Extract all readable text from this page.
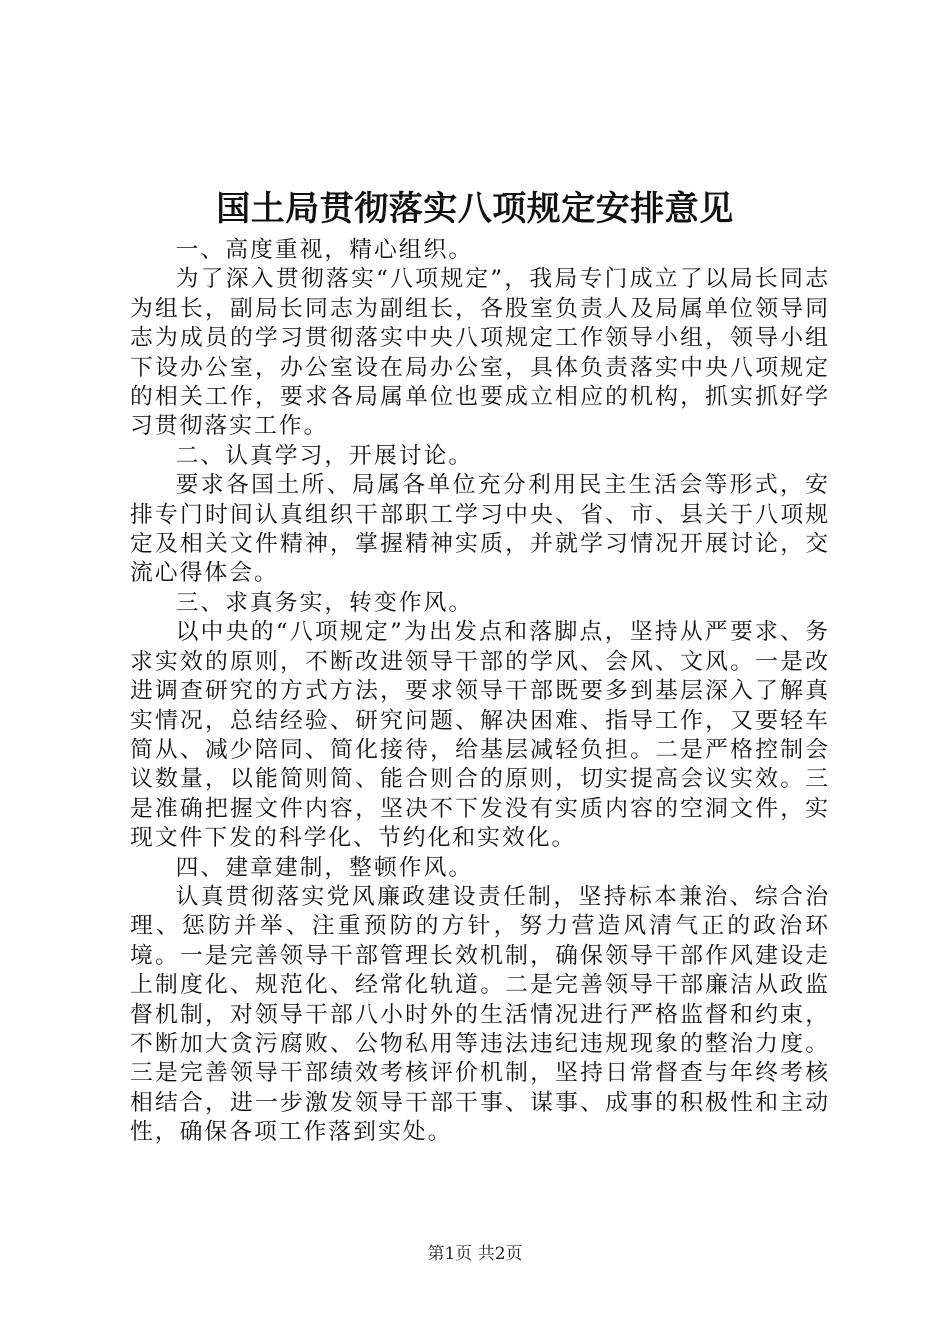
国土局贯彻落实八项规定安排意见

一、高度重视，精心组织。

为了深入贯彻落实“八项规定”，我局专门成立了以局长同志为组长，副局长同志为副组长，各股室负责人及局属单位领导同志为成员的学习贯彻落实中央八项规定工作领导小组，领导小组下设办公室，办公室设在局办公室，具体负责落实中央八项规定的相关工作，要求各局属单位也要成立相应的机构，抓实抓好学习贯彻落实工作。

二、认真学习，开展讨论。

要求各国土所、局属各单位充分利用民主生活会等形式，安排专门时间认真组织干部职工学习中央、省、市、县关于八项规定及相关文件精神，掌握精神实质，并就学习情况开展讨论，交流心得体会。

三、求真务实，转变作风。

以中央的“八项规定”为出发点和落脚点，坚持从严要求、务求实效的原则，不断改进领导干部的学风、会风、文风。一是改进调查研究的方式方法，要求领导干部既要多到基层深入了解真实情况，总结经验、研究问题、解决困难、指导工作，又要轻车简从、减少陪同、简化接待，给基层减轻负担。二是严格控制会议数量，以能简则简、能合则合的原则，切实提高会议实效。三是准确把握文件内容，坚决不下发没有实质内容的空洞文件，实现文件下发的科学化、节约化和实效化。

四、建章建制，整顿作风。

认真贯彻落实党风廉政建设责任制，坚持标本兼治、综合治理、惩防并举、注重预防的方针，努力营造风清气正的政治环境。一是完善领导干部管理长效机制，确保领导干部作风建设走上制度化、规范化、经常化轨道。二是完善领导干部廉洁从政监督机制，对领导干部八小时外的生活情况进行严格监督和约束，不断加大贪污腐败、公物私用等违法违纪违规现象的整治力度。三是完善领导干部绩效考核评价机制，坚持日常督查与年终考核相结合，进一步激发领导干部干事、谋事、成事的积极性和主动性，确保各项工作落到实处。

第1页 共2页
